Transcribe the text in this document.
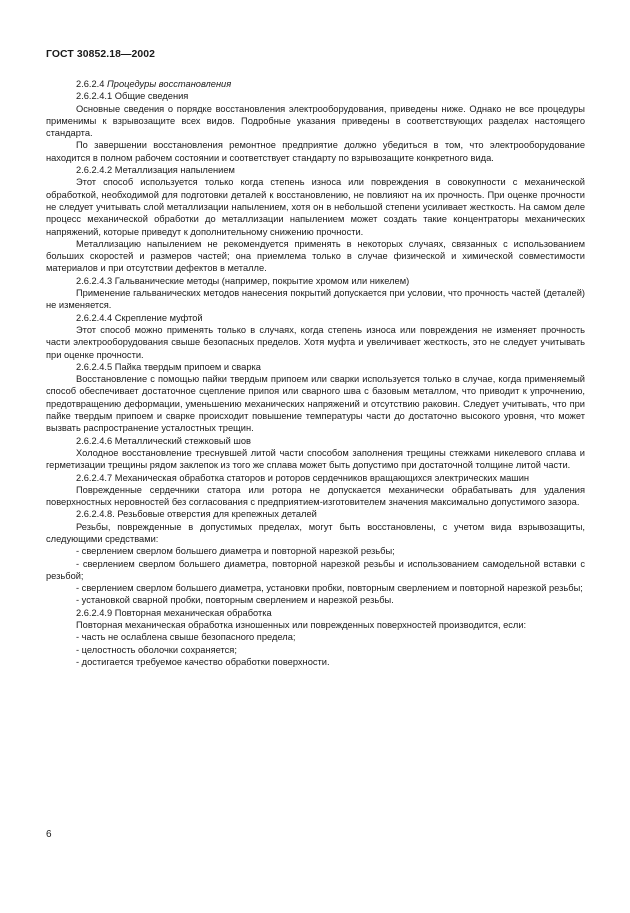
ГОСТ 30852.18—2002

2.6.2.4 Процедуры восстановления

2.6.2.4.1 Общие сведения

Основные сведения о порядке восстановления электрооборудования, приведены ниже. Однако не все процедуры применимы к взрывозащите всех видов. Подробные указания приведены в соответствующих разделах настоящего стандарта.

По завершении восстановления ремонтное предприятие должно убедиться в том, что электрооборудование находится в полном рабочем состоянии и соответствует стандарту по взрывозащите конкретного вида.

2.6.2.4.2 Металлизация напылением

Этот способ используется только когда степень износа или повреждения в совокупности с механической обработкой, необходимой для подготовки деталей к восстановлению, не повлияют на их прочность. При оценке прочности не следует учитывать слой металлизации напылением, хотя он в небольшой степени усиливает жесткость. На самом деле процесс механической обработки до металлизации напылением может создать такие концентраторы механических напряжений, которые приведут к дополнительному снижению прочности.

Металлизацию напылением не рекомендуется применять в некоторых случаях, связанных с использованием больших скоростей и размеров частей; она приемлема только в случае физической и химической совместимости материалов и при отсутствии дефектов в металле.

2.6.2.4.3 Гальванические методы (например, покрытие хромом или никелем)

Применение гальванических методов нанесения покрытий допускается при условии, что прочность частей (деталей) не изменяется.

2.6.2.4.4 Скрепление муфтой

Этот способ можно применять только в случаях, когда степень износа или повреждения не изменяет прочность части электрооборудования свыше безопасных пределов. Хотя муфта и увеличивает жесткость, это не следует учитывать при оценке прочности.

2.6.2.4.5 Пайка твердым припоем и сварка

Восстановление с помощью пайки твердым припоем или сварки используется только в случае, когда применяемый способ обеспечивает достаточное сцепление припоя или сварного шва с базовым металлом, что приводит к упрочнению, предотвращению деформации, уменьшению механических напряжений и отсутствию раковин. Следует учитывать, что при пайке твердым припоем и сварке происходит повышение температуры части до достаточно высокого уровня, что может вызвать распространение усталостных трещин.

2.6.2.4.6 Металлический стежковый шов

Холодное восстановление треснувшей литой части способом заполнения трещины стежками никелевого сплава и герметизации трещины рядом заклепок из того же сплава может быть допустимо при достаточной толщине литой части.

2.6.2.4.7 Механическая обработка статоров и роторов сердечников вращающихся электрических машин

Поврежденные сердечники статора или ротора не допускается механически обрабатывать для удаления поверхностных неровностей без согласования с предприятием-изготовителем значения максимально допустимого зазора.

2.6.2.4.8. Резьбовые отверстия для крепежных деталей

Резьбы, поврежденные в допустимых пределах, могут быть восстановлены, с учетом вида взрывозащиты, следующими средствами:

- сверлением сверлом большего диаметра и повторной нарезкой резьбы;

- сверлением сверлом большего диаметра, повторной нарезкой резьбы и использованием самодельной вставки с резьбой;

- сверлением сверлом большего диаметра, установки пробки, повторным сверлением и повторной нарезкой резьбы;

- установкой сварной пробки, повторным сверлением и нарезкой резьбы.

2.6.2.4.9 Повторная механическая обработка

Повторная механическая обработка изношенных или поврежденных поверхностей производится, если:

- часть не ослаблена свыше безопасного предела;

- целостность оболочки сохраняется;

- достигается требуемое качество обработки поверхности.

6
